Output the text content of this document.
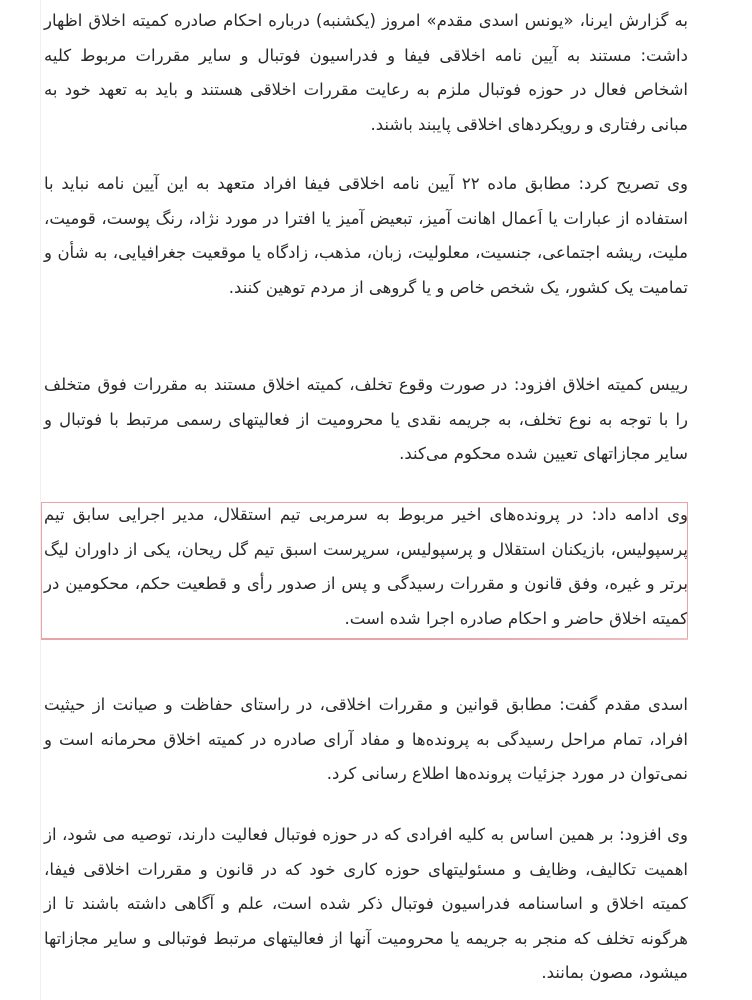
به گزارش ایرنا، «یونس اسدی مقدم» امروز (یکشنبه) درباره احکام صادره کمیته اخلاق اظهار داشت: مستند به آیین نامه اخلاقی فیفا و فدراسیون فوتبال و سایر مقررات مربوط کلیه اشخاص فعال در حوزه فوتبال ملزم به رعایت مقررات اخلاقی هستند و باید به تعهد خود به مبانی رفتاری و رویکردهای اخلاقی پایبند باشند.

وی تصریح کرد: مطابق ماده ۲۲ آیین نامه اخلاقی فیفا افراد متعهد به این آیین نامه نباید با استفاده از عبارات یا اَعمال اهانت آمیز، تبعیض آمیز یا افترا در مورد نژاد، رنگ پوست، قومیت، ملیت، ریشه اجتماعی، جنسیت، معلولیت، زبان، مذهب، زادگاه یا موقعیت جغرافیایی، به شأن و تمامیت یک کشور، یک شخص خاص و یا گروهی از مردم توهین کنند.

رییس کمیته اخلاق افزود: در صورت وقوع تخلف، کمیته اخلاق مستند به مقررات فوق متخلف را با توجه به نوع تخلف، به جریمه نقدی یا محرومیت از فعالیتهای رسمی مرتبط با فوتبال و سایر مجازاتهای تعیین شده محکوم می‌کند.

وی ادامه داد: در پرونده‌های اخیر مربوط به سرمربی تیم استقلال، مدیر اجرایی سابق تیم پرسپولیس، بازیکنان استقلال و پرسپولیس، سرپرست اسبق تیم گل ریحان، یکی از داوران لیگ برتر و غیره، وفق قانون و مقررات رسیدگی و پس از صدور رأی و قطعیت حکم، محکومین در کمیته اخلاق حاضر و احکام صادره اجرا شده است.

اسدی مقدم گفت: مطابق قوانین و مقررات اخلاقی، در راستای حفاظت و صیانت از حیثیت افراد، تمام مراحل رسیدگی به پرونده‌ها و مفاد آرای صادره در کمیته اخلاق محرمانه است و نمی‌توان در مورد جزئیات پرونده‌ها اطلاع رسانی کرد.

وی افزود: بر همین اساس به کلیه افرادی که در حوزه فوتبال فعالیت دارند، توصیه می شود، از اهمیت تکالیف، وظایف و مسئولیتهای حوزه کاری خود که در قانون و مقررات اخلاقی فیفا، کمیته اخلاق و اساسنامه فدراسیون فوتبال ذکر شده است، علم و آگاهی داشته باشند تا از هرگونه تخلف که منجر به جریمه یا محرومیت آنها از فعالیتهای مرتبط فوتبالی و سایر مجازاتها میشود، مصون بمانند.
